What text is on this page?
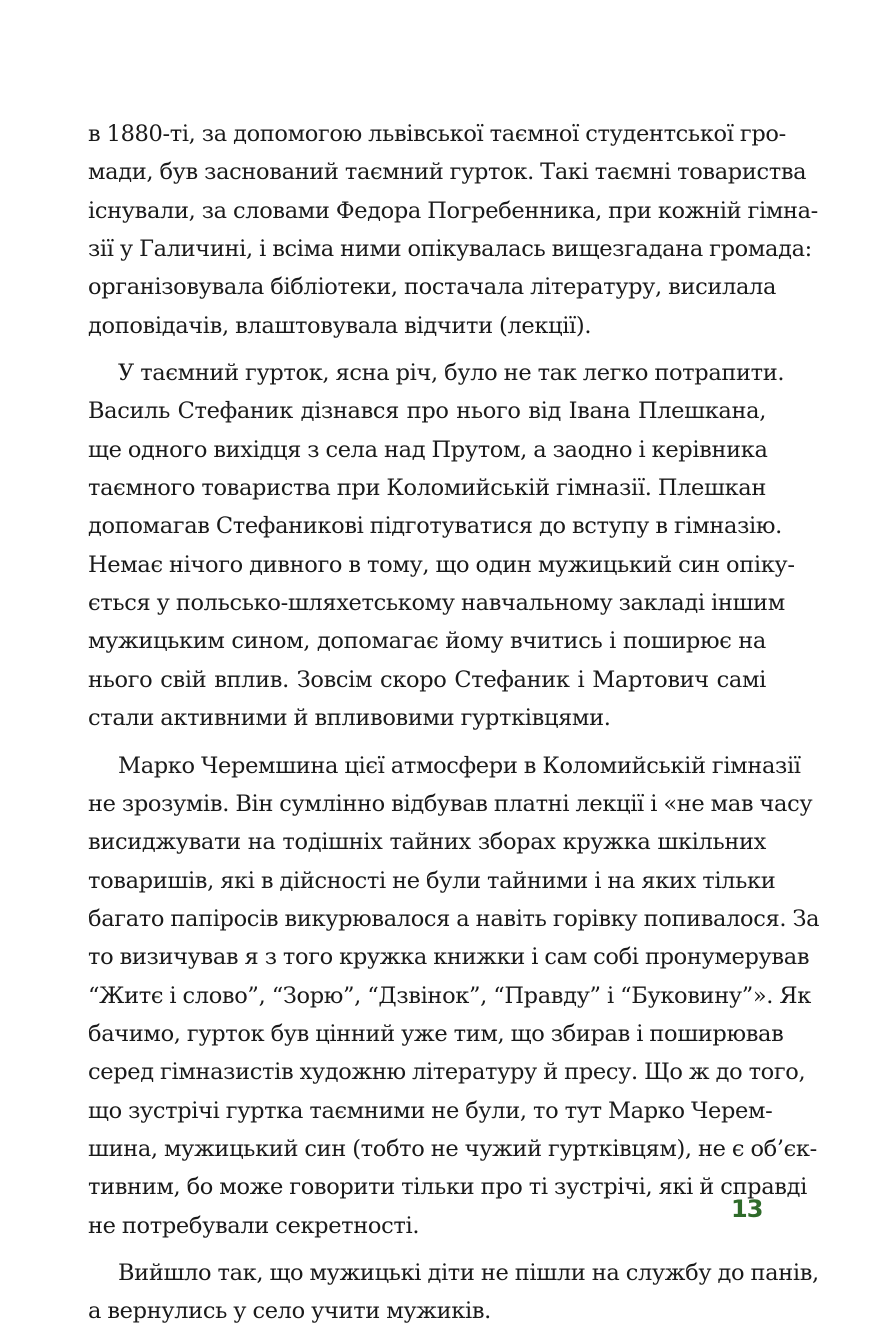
в 1880-ті, за допомогою львівської таємної студентської гро-
мади, був заснований таємний гурток. Такі таємні товариства
існували, за словами Федора Погребенника, при кожній гімна-
зії у Галичині, і всіма ними опікувалась вищезгадана громада:
організовувала бібліотеки, постачала літературу, висилала
доповідачів, влаштовувала відчити (лекції).
У таємний гурток, ясна річ, було не так легко потрапити.
Василь Стефаник дізнався про нього від Івана Плешкана,
ще одного вихідця з села над Прутом, а заодно і керівника
таємного товариства при Коломийській гімназії. Плешкан
допомагав Стефаникові підготуватися до вступу в гімназію.
Немає нічого дивного в тому, що один мужицький син опіку-
ється у польсько-шляхетському навчальному закладі іншим
мужицьким сином, допомагає йому вчитись і поширює на
нього свій вплив. Зовсім скоро Стефаник і Мартович самі
стали активними й впливовими гуртківцями.
Марко Черемшина цієї атмосфери в Коломийській гімназії
не зрозумів. Він сумлінно відбував платні лекції і «не мав часу
висиджувати на тодішніх тайних зборах кружка шкільних
товаришів, які в дійсності не були тайними і на яких тільки
багато папіросів викурювалося а навіть горівку попивалося. За
то визичував я з того кружка книжки і сам собі пронумерував
“Житє і слово”, “Зорю”, “Дзвінок”, “Правду” і “Буковину”». Як
бачимо, гурток був цінний уже тим, що збирав і поширював
серед гімназистів художню літературу й пресу. Що ж до того,
що зустрічі гуртка таємними не були, то тут Марко Черем-
шина, мужицький син (тобто не чужий гуртківцям), не є об’єк-
тивним, бо може говорити тільки про ті зустрічі, які й справді
не потребували секретності.
Вийшло так, що мужицькі діти не пішли на службу до панів,
а вернулись у село учити мужиків.
13
